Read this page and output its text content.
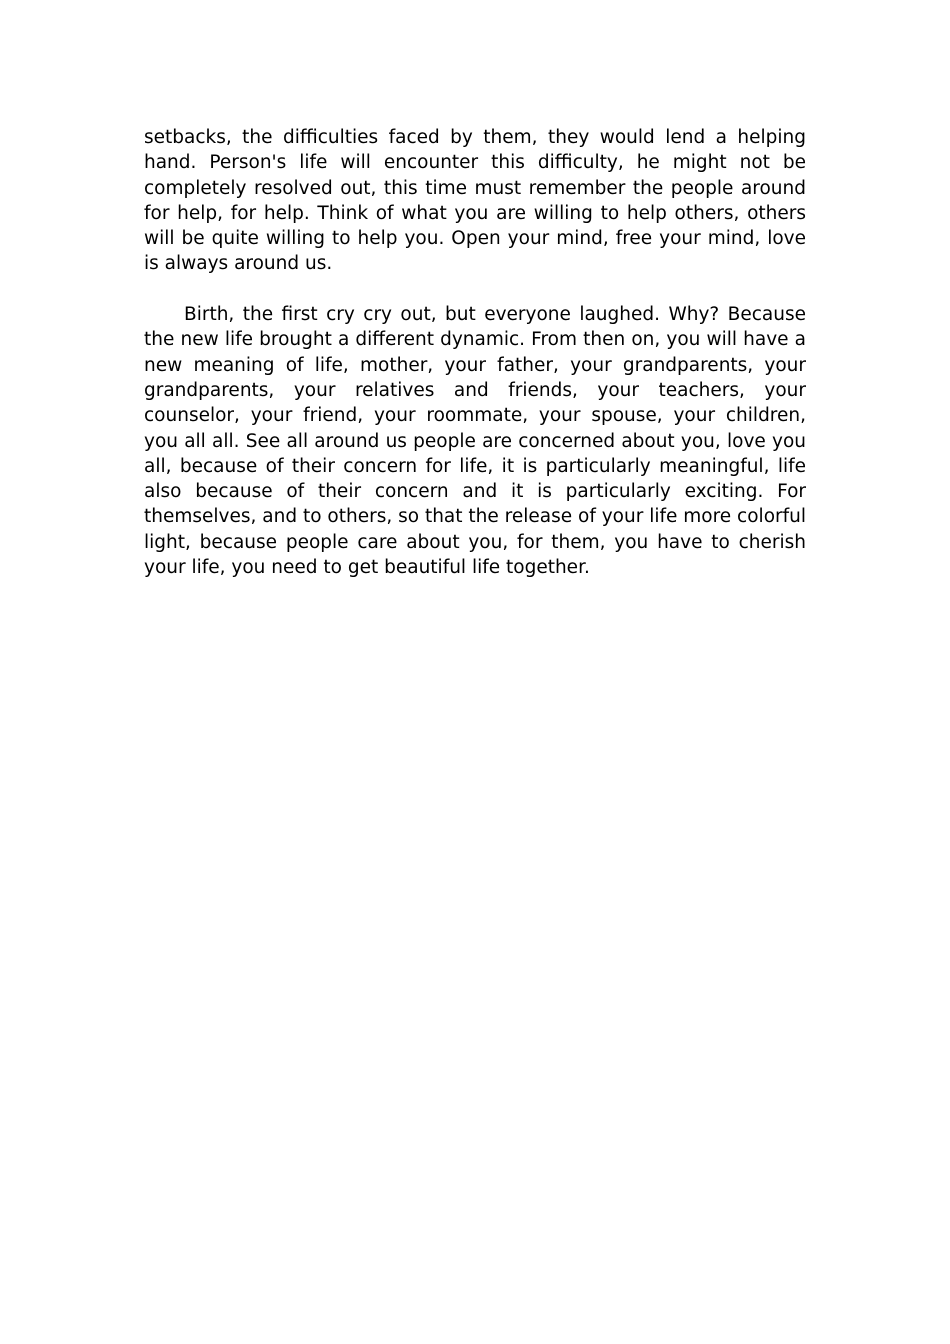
setbacks, the difficulties faced by them, they would lend a helping hand. Person's life will encounter this difficulty, he might not be completely resolved out, this time must remember the people around for help, for help. Think of what you are willing to help others, others will be quite willing to help you. Open your mind, free your mind, love is always around us.

Birth, the first cry cry out, but everyone laughed. Why? Because the new life brought a different dynamic. From then on, you will have a new meaning of life, mother, your father, your grandparents, your grandparents, your relatives and friends, your teachers, your counselor, your friend, your roommate, your spouse, your children, you all all. See all around us people are concerned about you, love you all, because of their concern for life, it is particularly meaningful, life also because of their concern and it is particularly exciting. For themselves, and to others, so that the release of your life more colorful light, because people care about you, for them, you have to cherish your life, you need to get beautiful life together.
